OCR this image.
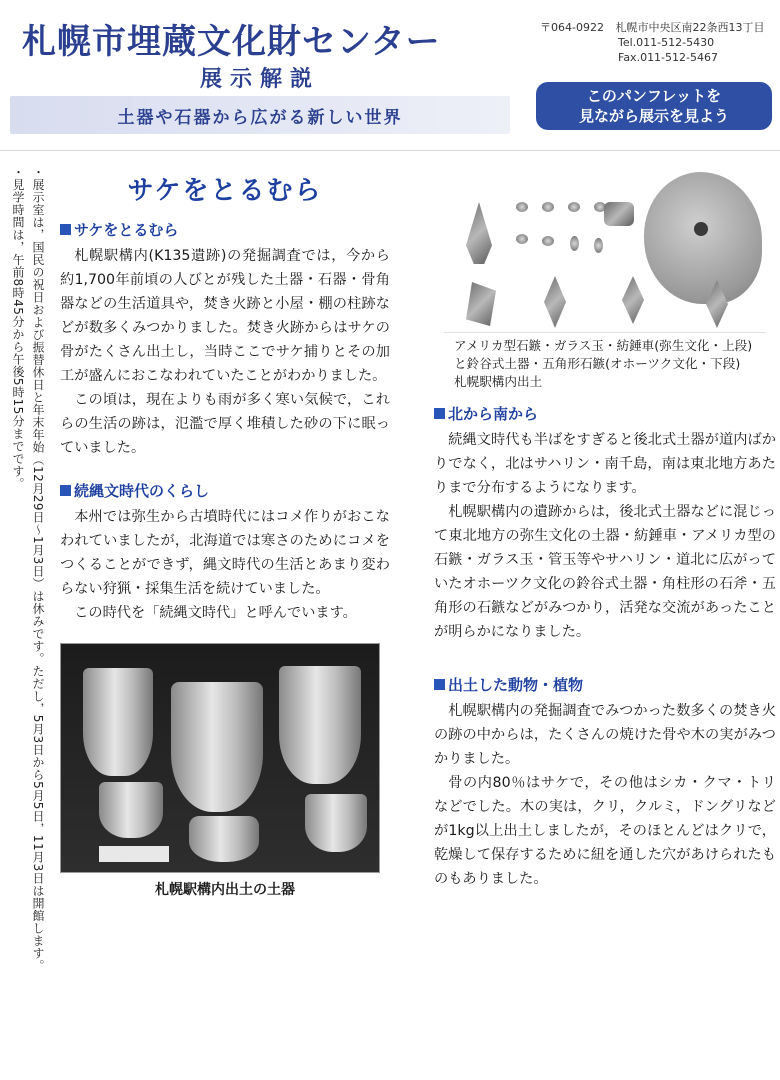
札幌市埋蔵文化財センター
展示解説
土器や石器から広がる新しい世界
〒064-0922 札幌市中央区南22条西13丁目
Tel.011-512-5430
Fax.011-512-5467
このパンフレットを
見ながら展示を見よう

・展示室は，国民の祝日および振替休日と年末年始（12月29日～1月3日）は休みです。ただし，5月3日から5月5日，11月3日は開館します。

・見学時間は，午前8時45分から午後5時15分までです。	サケをとるむら
サケをとるむら

札幌駅構内(K135遺跡)の発掘調査では，今から約1,700年前頃の人びとが残した土器・石器・骨角器などの生活道具や，焚き火跡と小屋・棚の柱跡などが数多くみつかりました。焚き火跡からはサケの骨がたくさん出土し，当時ここでサケ捕りとその加工が盛んにおこなわれていたことがわかりました。

この頃は，現在よりも雨が多く寒い気候で，これらの生活の跡は，氾濫で厚く堆積した砂の下に眠っていました。

続縄文時代のくらし

本州では弥生から古墳時代にはコメ作りがおこなわれていましたが，北海道では寒さのためにコメをつくることができず，縄文時代の生活とあまり変わらない狩猟・採集生活を続けていました。

この時代を「続縄文時代」と呼んでいます。

札幌駅構内出土の土器
アメリカ型石鏃・ガラス玉・紡錘車(弥生文化・上段)と鈴谷式土器・五角形石鏃(オホーツク文化・下段)　札幌駅構内出土
北から南から

続縄文時代も半ばをすぎると後北式土器が道内ばかりでなく，北はサハリン・南千島，南は東北地方あたりまで分布するようになります。

札幌駅構内の遺跡からは，後北式土器などに混じって東北地方の弥生文化の土器・紡錘車・アメリカ型の石鏃・ガラス玉・管玉等やサハリン・道北に広がっていたオホーツク文化の鈴谷式土器・角柱形の石斧・五角形の石鏃などがみつかり，活発な交流があったことが明らかになりました。

出土した動物・植物

札幌駅構内の発掘調査でみつかった数多くの焚き火の跡の中からは，たくさんの焼けた骨や木の実がみつかりました。

骨の内80％はサケで，その他はシカ・クマ・トリなどでした。木の実は，クリ，クルミ，ドングリなどが1kg以上出土しましたが，そのほとんどはクリで，乾燥して保存するために紐を通した穴があけられたものもありました。
